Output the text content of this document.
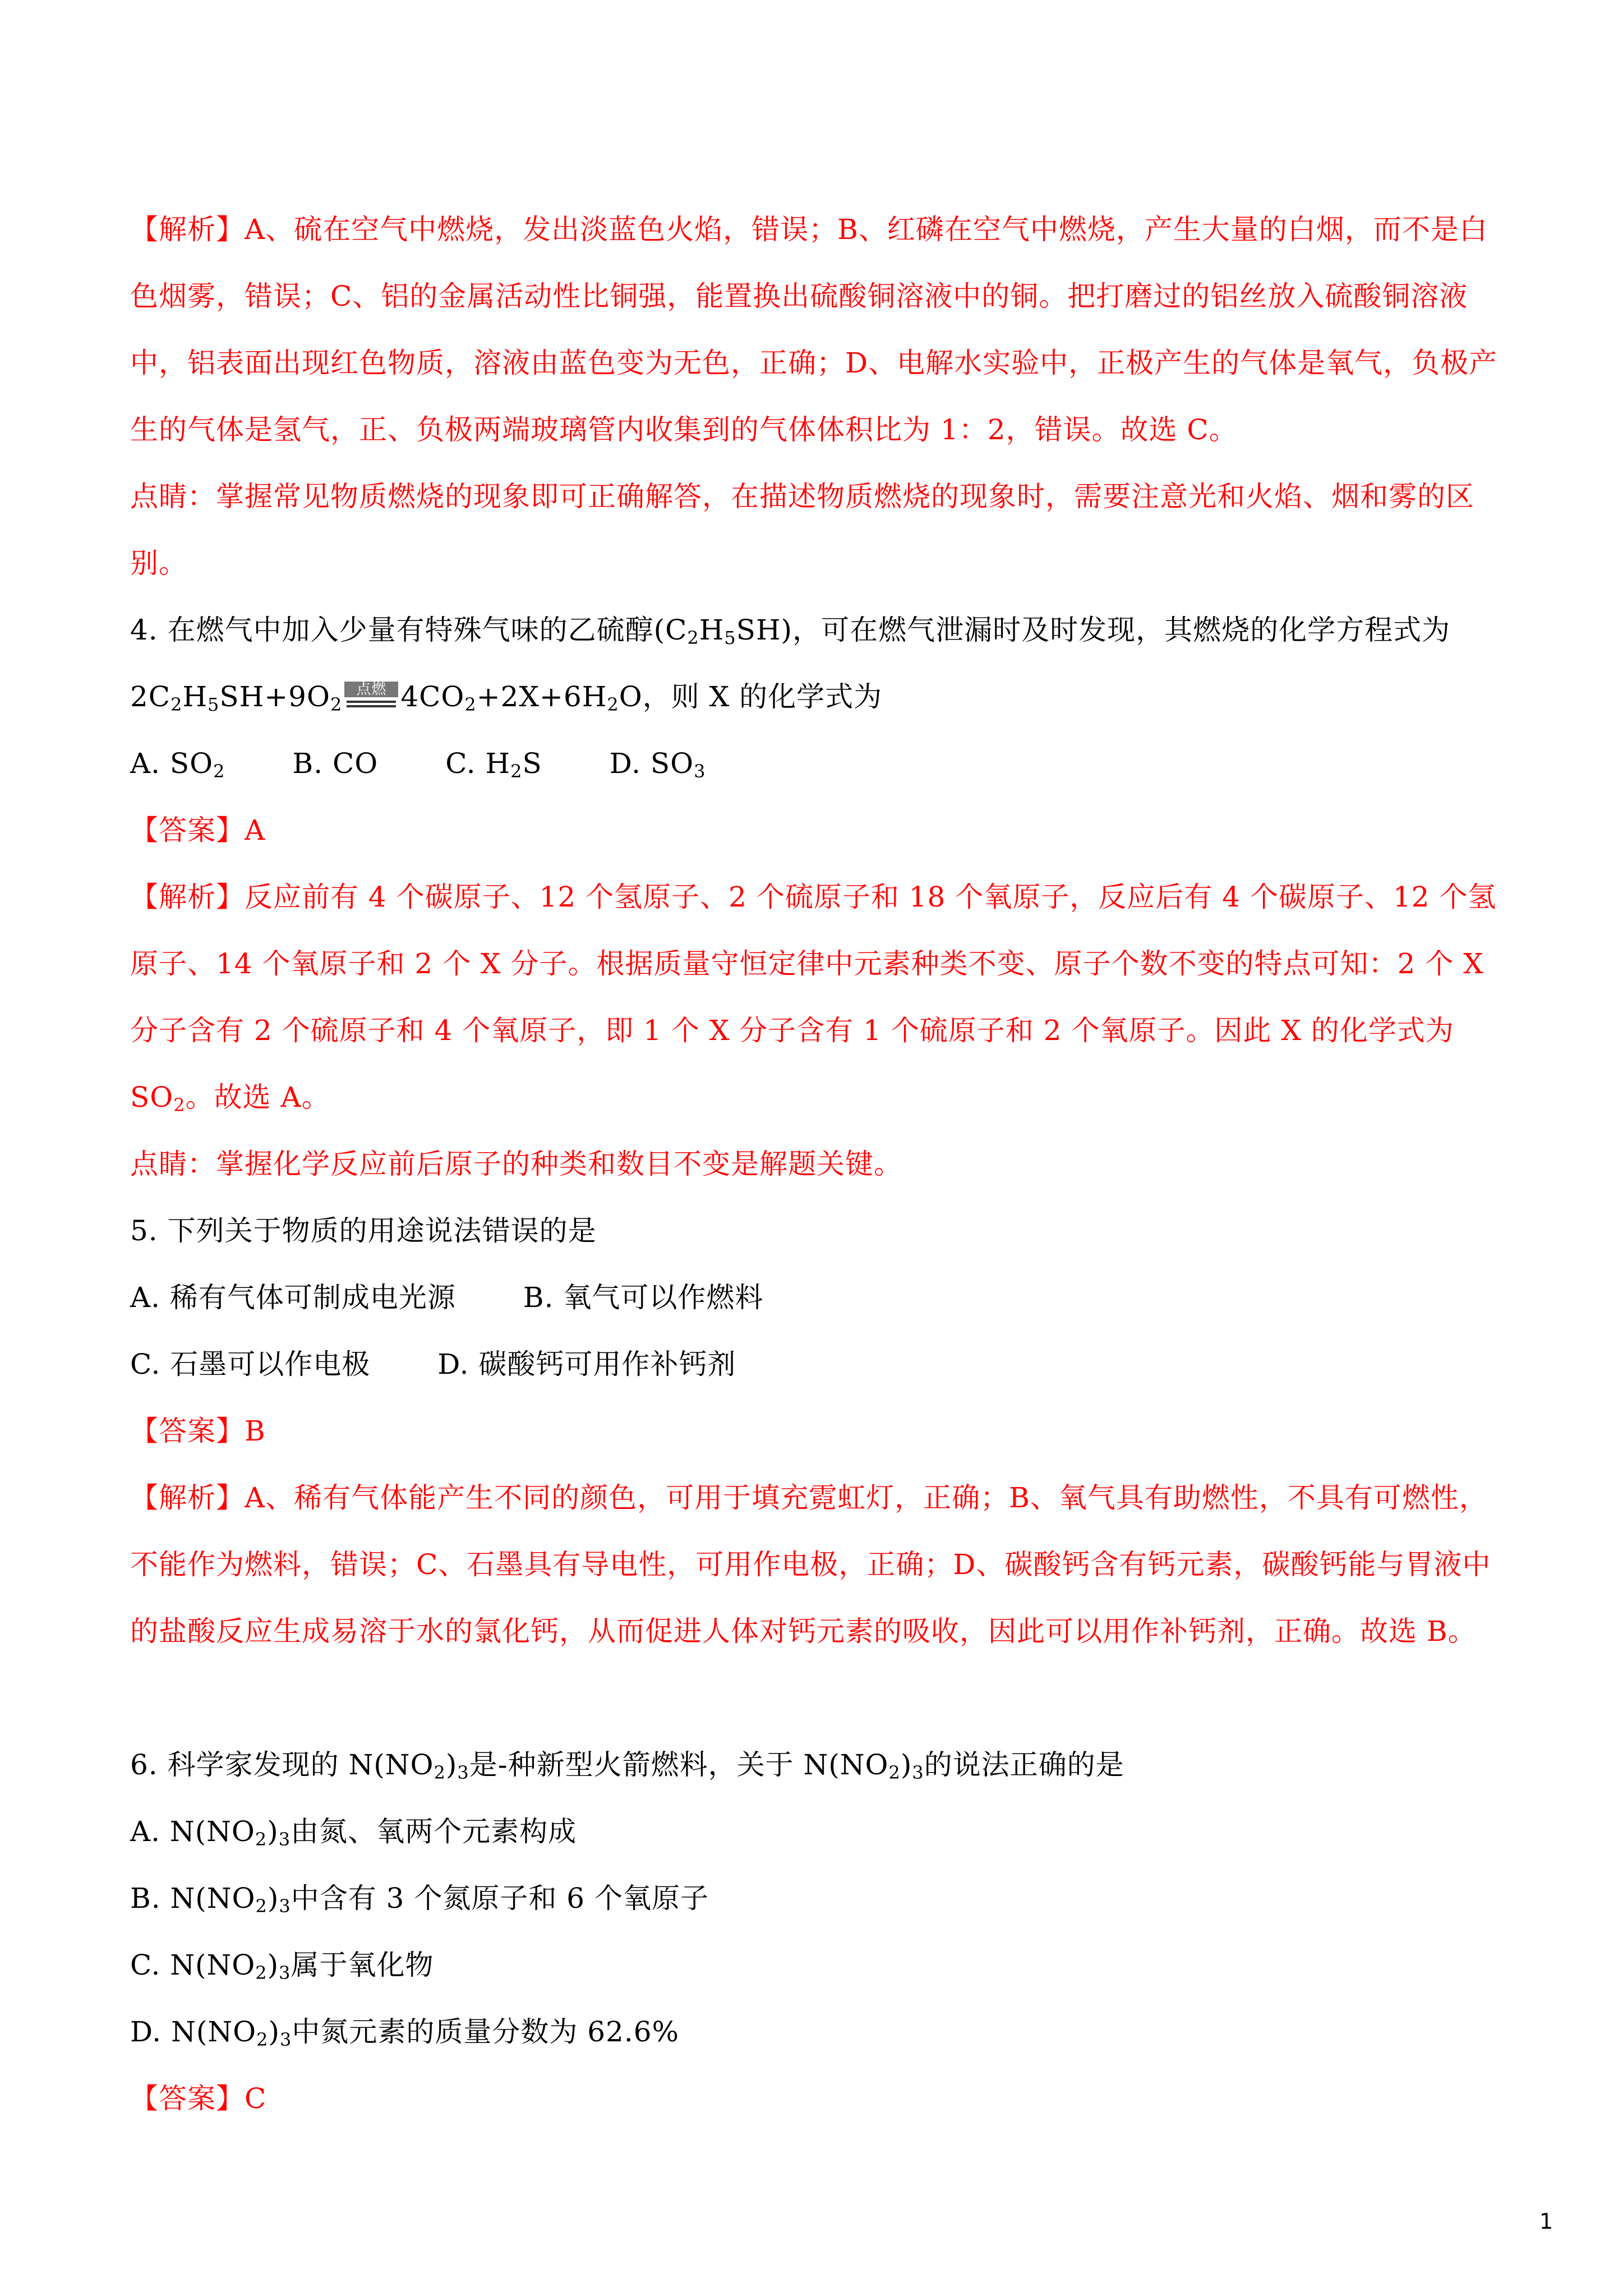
【解析】A、硫在空气中燃烧，发出淡蓝色火焰，错误；B、红磷在空气中燃烧，产生大量的白烟，而不是白色烟雾，错误；C、铝的金属活动性比铜强，能置换出硫酸铜溶液中的铜。把打磨过的铝丝放入硫酸铜溶液中，铝表面出现红色物质，溶液由蓝色变为无色，正确；D、电解水实验中，正极产生的气体是氧气，负极产生的气体是氢气，正、负极两端玻璃管内收集到的气体体积比为 1：2，错误。故选 C。
点睛：掌握常见物质燃烧的现象即可正确解答，在描述物质燃烧的现象时，需要注意光和火焰、烟和雾的区别。
4. 在燃气中加入少量有特殊气味的乙硫醇$(C_2H_5SH)$，可在燃气泄漏时及时发现，其燃烧的化学方程式为
$2C_2H_5SH+9O_2$
点燃 $4CO_2+2X+6H_2O$，则 X 的化学式为
A. $SO_2$ B. CO C. $H_2S$ D. $SO_3$
【答案】A
【解析】反应前有 4 个碳原子、12 个氢原子、2 个硫原子和 18 个氧原子，反应后有 4 个碳原子、12 个氢原子、14 个氧原子和 2 个 X 分子。根据质量守恒定律中元素种类不变、原子个数不变的特点可知：2 个 X 分子含有 2 个硫原子和 4 个氧原子，即 1 个 X 分子含有 1 个硫原子和 2 个氧原子。因此 X 的化学式为 $SO_2$。故选 A。
点睛：掌握化学反应前后原子的种类和数目不变是解题关键。
5. 下列关于物质的用途说法错误的是
A. 稀有气体可制成电光源 B. 氧气可以作燃料
C. 石墨可以作电极 D. 碳酸钙可用作补钙剂
【答案】B
【解析】A、稀有气体能产生不同的颜色，可用于填充霓虹灯，正确；B、氧气具有助燃性，不具有可燃性，不能作为燃料，错误；C、石墨具有导电性，可用作电极，正确；D、碳酸钙含有钙元素，碳酸钙能与胃液中的盐酸反应生成易溶于水的氯化钙，从而促进人体对钙元素的吸收，因此可以用作补钙剂，正确。故选 B。
6. 科学家发现的 $N(NO_2)_3$是-种新型火箭燃料，关于 $N(NO_2)_3$的说法正确的是
A. $N(NO_2)_3$由氮、氧两个元素构成
B. $N(NO_2)_3$中含有 3 个氮原子和 6 个氧原子
C. $N(NO_2)_3$属于氧化物
D. $N(NO_2)_3$中氮元素的质量分数为 62.6%
【答案】C
1
